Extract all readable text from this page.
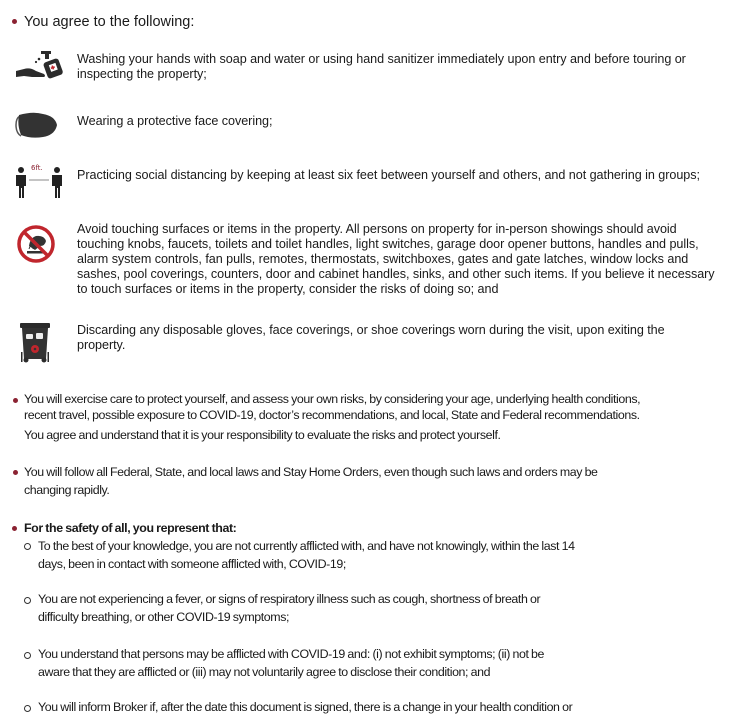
You agree to the following:
Washing your hands with soap and water or using hand sanitizer immediately upon entry and before touring or
inspecting the property;
Wearing a protective face covering;
6ft.	Practicing social distancing by keeping at least six feet between yourself and others, and not gathering in groups;
Avoid touching surfaces or items in the property. All persons on property for in-person showings should avoid
touching knobs, faucets, toilets and toilet handles, light switches, garage door opener buttons, handles and pulls,
alarm system controls, fan pulls, remotes, thermostats, switchboxes, gates and gate latches, window locks and
sashes, pool coverings, counters, door and cabinet handles, sinks, and other such items. If you believe it necessary
to touch surfaces or items in the property, consider the risks of doing so; and
Discarding any disposable gloves, face coverings, or shoe coverings worn during the visit, upon exiting the
property.
You will exercise care to protect yourself, and assess your own risks, by considering your age, underlying health conditions,
recent travel, possible exposure to COVID-19, doctor’s recommendations, and local, State and Federal recommendations.
You agree and understand that it is your responsibility to evaluate the risks and protect yourself.
You will follow all Federal, State, and local laws and Stay Home Orders, even though such laws and orders may be
changing rapidly.
For the safety of all, you represent that:
To the best of your knowledge, you are not currently afflicted with, and have not knowingly, within the last 14
days, been in contact with someone afflicted with, COVID-19;
You are not experiencing a fever, or signs of respiratory illness such as cough, shortness of breath or
difficulty breathing, or other COVID-19 symptoms;
You understand that persons may be afflicted with COVID-19 and: (i) not exhibit symptoms; (ii) not be
aware that they are afflicted or (iii) may not voluntarily agree to disclose their condition; and
You will inform Broker if, after the date this document is signed, there is a change in your health condition or
